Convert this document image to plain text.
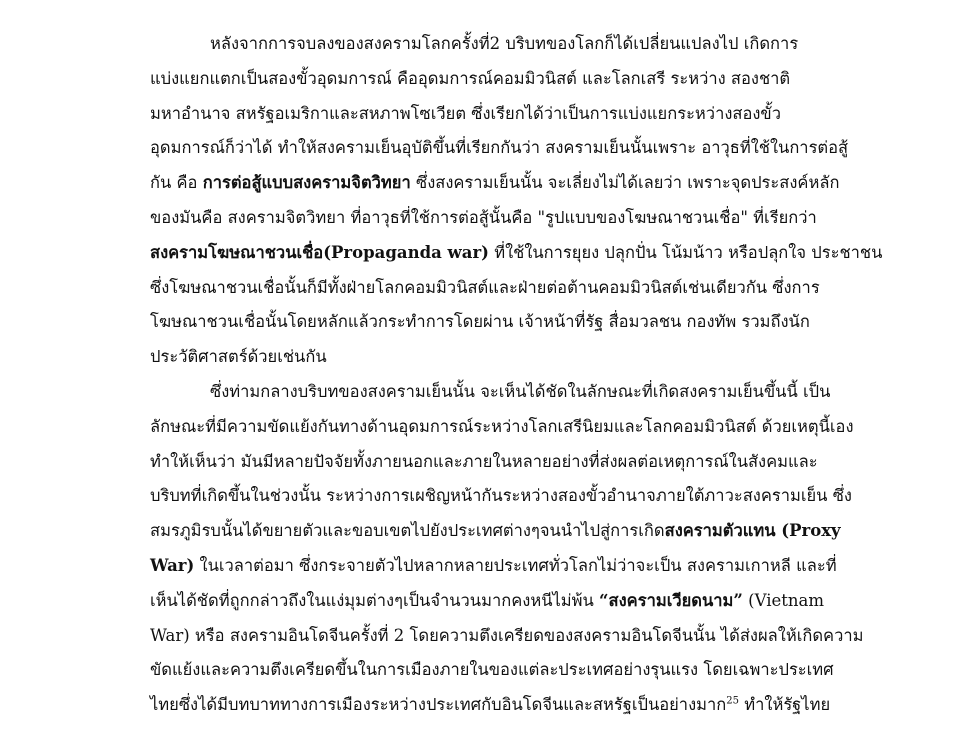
หลังจากการจบลงของสงครามโลกครั้งที่2 บริบทของโลกก็ได้เปลี่ยนแปลงไป เกิดการ
แบ่งแยกแตกเป็นสองขั้วอุดมการณ์ คืออุดมการณ์คอมมิวนิสต์ และโลกเสรี ระหว่าง สองชาติ
มหาอำนาจ สหรัฐอเมริกาและสหภาพโซเวียต ซึ่งเรียกได้ว่าเป็นการแบ่งแยกระหว่างสองขั้ว
อุดมการณ์ก็ว่าได้ ทำให้สงครามเย็นอุบัติขึ้นที่เรียกกันว่า สงครามเย็นนั้นเพราะ อาวุธที่ใช้ในการต่อสู้
กัน คือ การต่อสู้แบบสงครามจิตวิทยา ซึ่งสงครามเย็นนั้น จะเลี่ยงไม่ได้เลยว่า เพราะจุดประสงค์หลัก
ของมันคือ สงครามจิตวิทยา ที่อาวุธที่ใช้การต่อสู้นั้นคือ "รูปแบบของโฆษณาชวนเชื่อ" ที่เรียกว่า
สงครามโฆษณาชวนเชื่อ(Propaganda war) ที่ใช้ในการยุยง ปลุกปั่น โน้มน้าว หรือปลุกใจ ประชาชน
ซึ่งโฆษณาชวนเชื่อนั้นก็มีทั้งฝ่ายโลกคอมมิวนิสต์และฝ่ายต่อต้านคอมมิวนิสต์เช่นเดียวกัน ซึ่งการ
โฆษณาชวนเชื่อนั้นโดยหลักแล้วกระทำการโดยผ่าน เจ้าหน้าที่รัฐ สื่อมวลชน กองทัพ รวมถึงนัก
ประวัติศาสตร์ด้วยเช่นกัน
ซึ่งท่ามกลางบริบทของสงครามเย็นนั้น จะเห็นได้ชัดในลักษณะที่เกิดสงครามเย็นขึ้นนี้ เป็น
ลักษณะที่มีความขัดแย้งกันทางด้านอุดมการณ์ระหว่างโลกเสรีนิยมและโลกคอมมิวนิสต์ ด้วยเหตุนี้เอง
ทำให้เห็นว่า มันมีหลายปัจจัยทั้งภายนอกและภายในหลายอย่างที่ส่งผลต่อเหตุการณ์ในสังคมและ
บริบทที่เกิดขึ้นในช่วงนั้น ระหว่างการเผชิญหน้ากันระหว่างสองขั้วอำนาจภายใต้ภาวะสงครามเย็น ซึ่ง
สมรภูมิรบนั้นได้ขยายตัวและขอบเขตไปยังประเทศต่างๆจนนำไปสู่การเกิดสงครามตัวแทน (Proxy
War) ในเวลาต่อมา ซึ่งกระจายตัวไปหลากหลายประเทศทั่วโลกไม่ว่าจะเป็น สงครามเกาหลี และที่
เห็นได้ชัดที่ถูกกล่าวถึงในแง่มุมต่างๆเป็นจำนวนมากคงหนีไม่พ้น “สงครามเวียดนาม” (Vietnam
War) หรือ สงครามอินโดจีนครั้งที่ 2 โดยความตึงเครียดของสงครามอินโดจีนนั้น ได้ส่งผลให้เกิดความ
ขัดแย้งและความตึงเครียดขึ้นในการเมืองภายในของแต่ละประเทศอย่างรุนแรง โดยเฉพาะประเทศ
ไทยซึ่งได้มีบทบาททางการเมืองระหว่างประเทศกับอินโดจีนและสหรัฐเป็นอย่างมาก$^{25}$ ทำให้รัฐไทย
